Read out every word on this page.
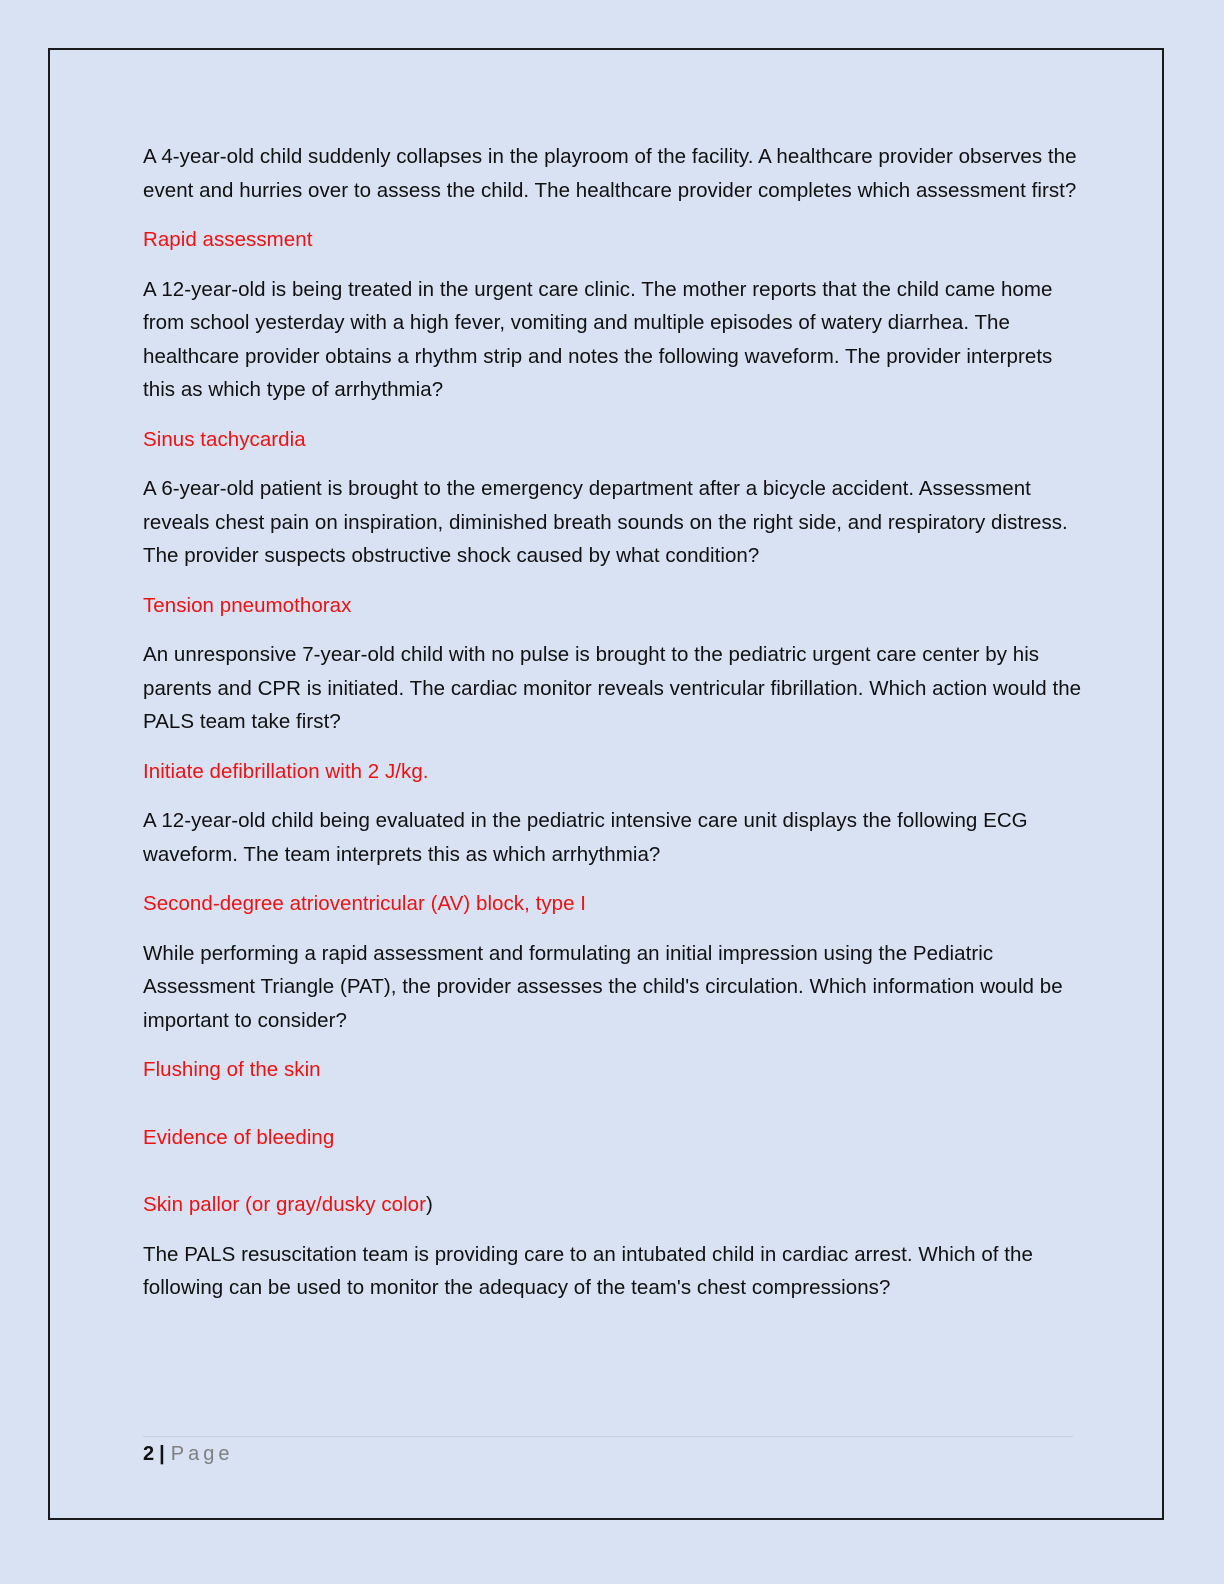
A 4-year-old child suddenly collapses in the playroom of the facility. A healthcare provider observes the event and hurries over to assess the child. The healthcare provider completes which assessment first?

Rapid assessment

A 12-year-old is being treated in the urgent care clinic. The mother reports that the child came home from school yesterday with a high fever, vomiting and multiple episodes of watery diarrhea. The healthcare provider obtains a rhythm strip and notes the following waveform. The provider interprets this as which type of arrhythmia?

Sinus tachycardia

A 6-year-old patient is brought to the emergency department after a bicycle accident. Assessment reveals chest pain on inspiration, diminished breath sounds on the right side, and respiratory distress. The provider suspects obstructive shock caused by what condition?

Tension pneumothorax

An unresponsive 7-year-old child with no pulse is brought to the pediatric urgent care center by his parents and CPR is initiated. The cardiac monitor reveals ventricular fibrillation. Which action would the PALS team take first?

Initiate defibrillation with 2 J/kg.

A 12-year-old child being evaluated in the pediatric intensive care unit displays the following ECG waveform. The team interprets this as which arrhythmia?

Second-degree atrioventricular (AV) block, type I

While performing a rapid assessment and formulating an initial impression using the Pediatric Assessment Triangle (PAT), the provider assesses the child's circulation. Which information would be important to consider?

Flushing of the skin

Evidence of bleeding

Skin pallor (or gray/dusky color)

The PALS resuscitation team is providing care to an intubated child in cardiac arrest. Which of the following can be used to monitor the adequacy of the team's chest compressions?

2 | Page
